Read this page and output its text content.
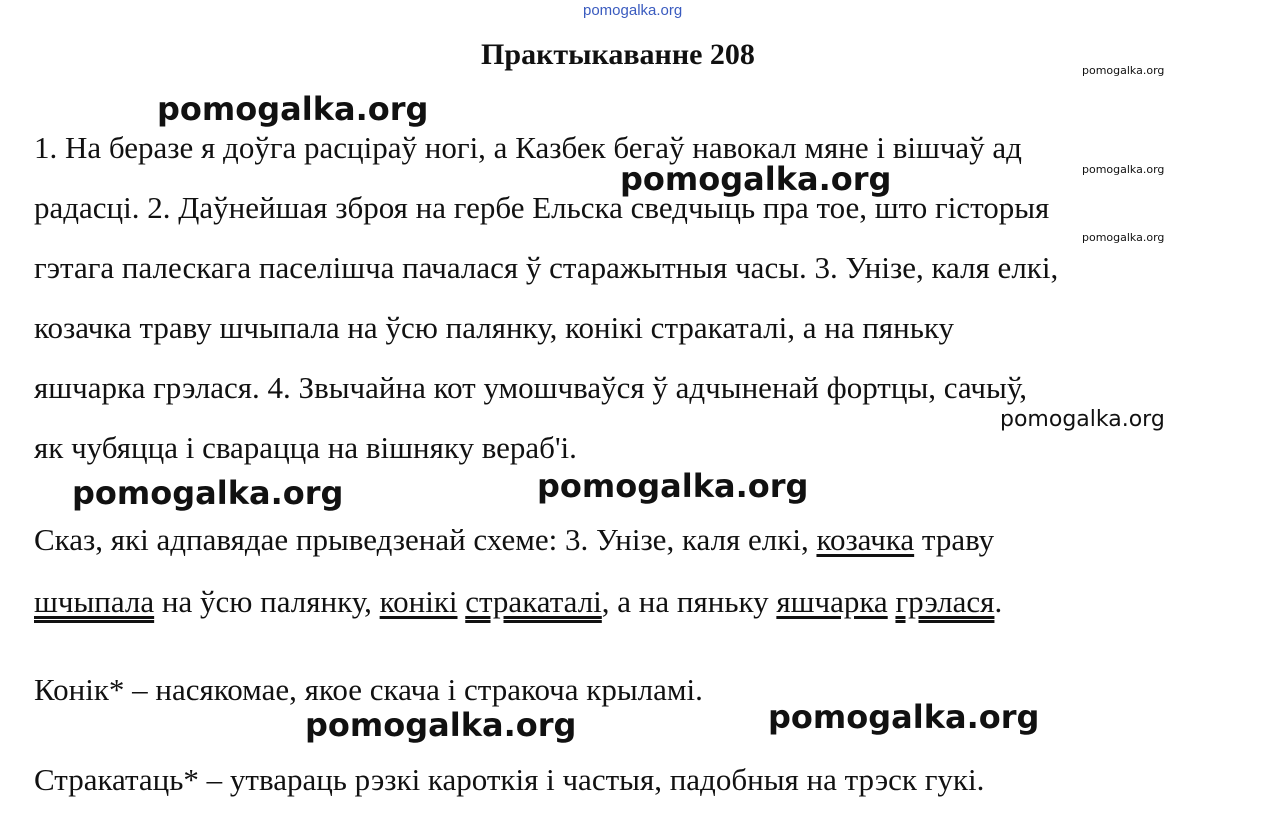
pomogalka.org
Практыкаванне 208
1. На беразе я доўга расціраў ногі, а Казбек бегаў навокал мяне і вішчаў ад
радасці. 2. Даўнейшая зброя на гербе Ельска сведчыць пра тое, што гісторыя
гэтага палескага паселішча пачалася ў старажытныя часы. 3. Унізе, каля елкі,
козачка траву шчыпала на ўсю палянку, конікі стракаталі, а на пяньку
яшчарка грэлася. 4. Звычайна кот умошчваўся ў адчыненай фортцы, сачыў,
як чубяцца і сварацца на вішняку вераб'і.
Сказ, які адпавядае прыведзенай схеме: 3. Унізе, каля елкі, козачка траву
шчыпала на ўсю палянку, конікі стракаталі, а на пяньку яшчарка грэлася.
Конік* – насякомае, якое скача і стракоча крыламі.
Стракатаць* – утвараць рэзкі кароткія і частыя, падобныя на трэск гукі.
pomogalka.org
pomogalka.org
pomogalka.org	pomogalka.org
pomogalka.org	pomogalka.org
pomogalka.org
pomogalka.org
pomogalka.org
pomogalka.org
